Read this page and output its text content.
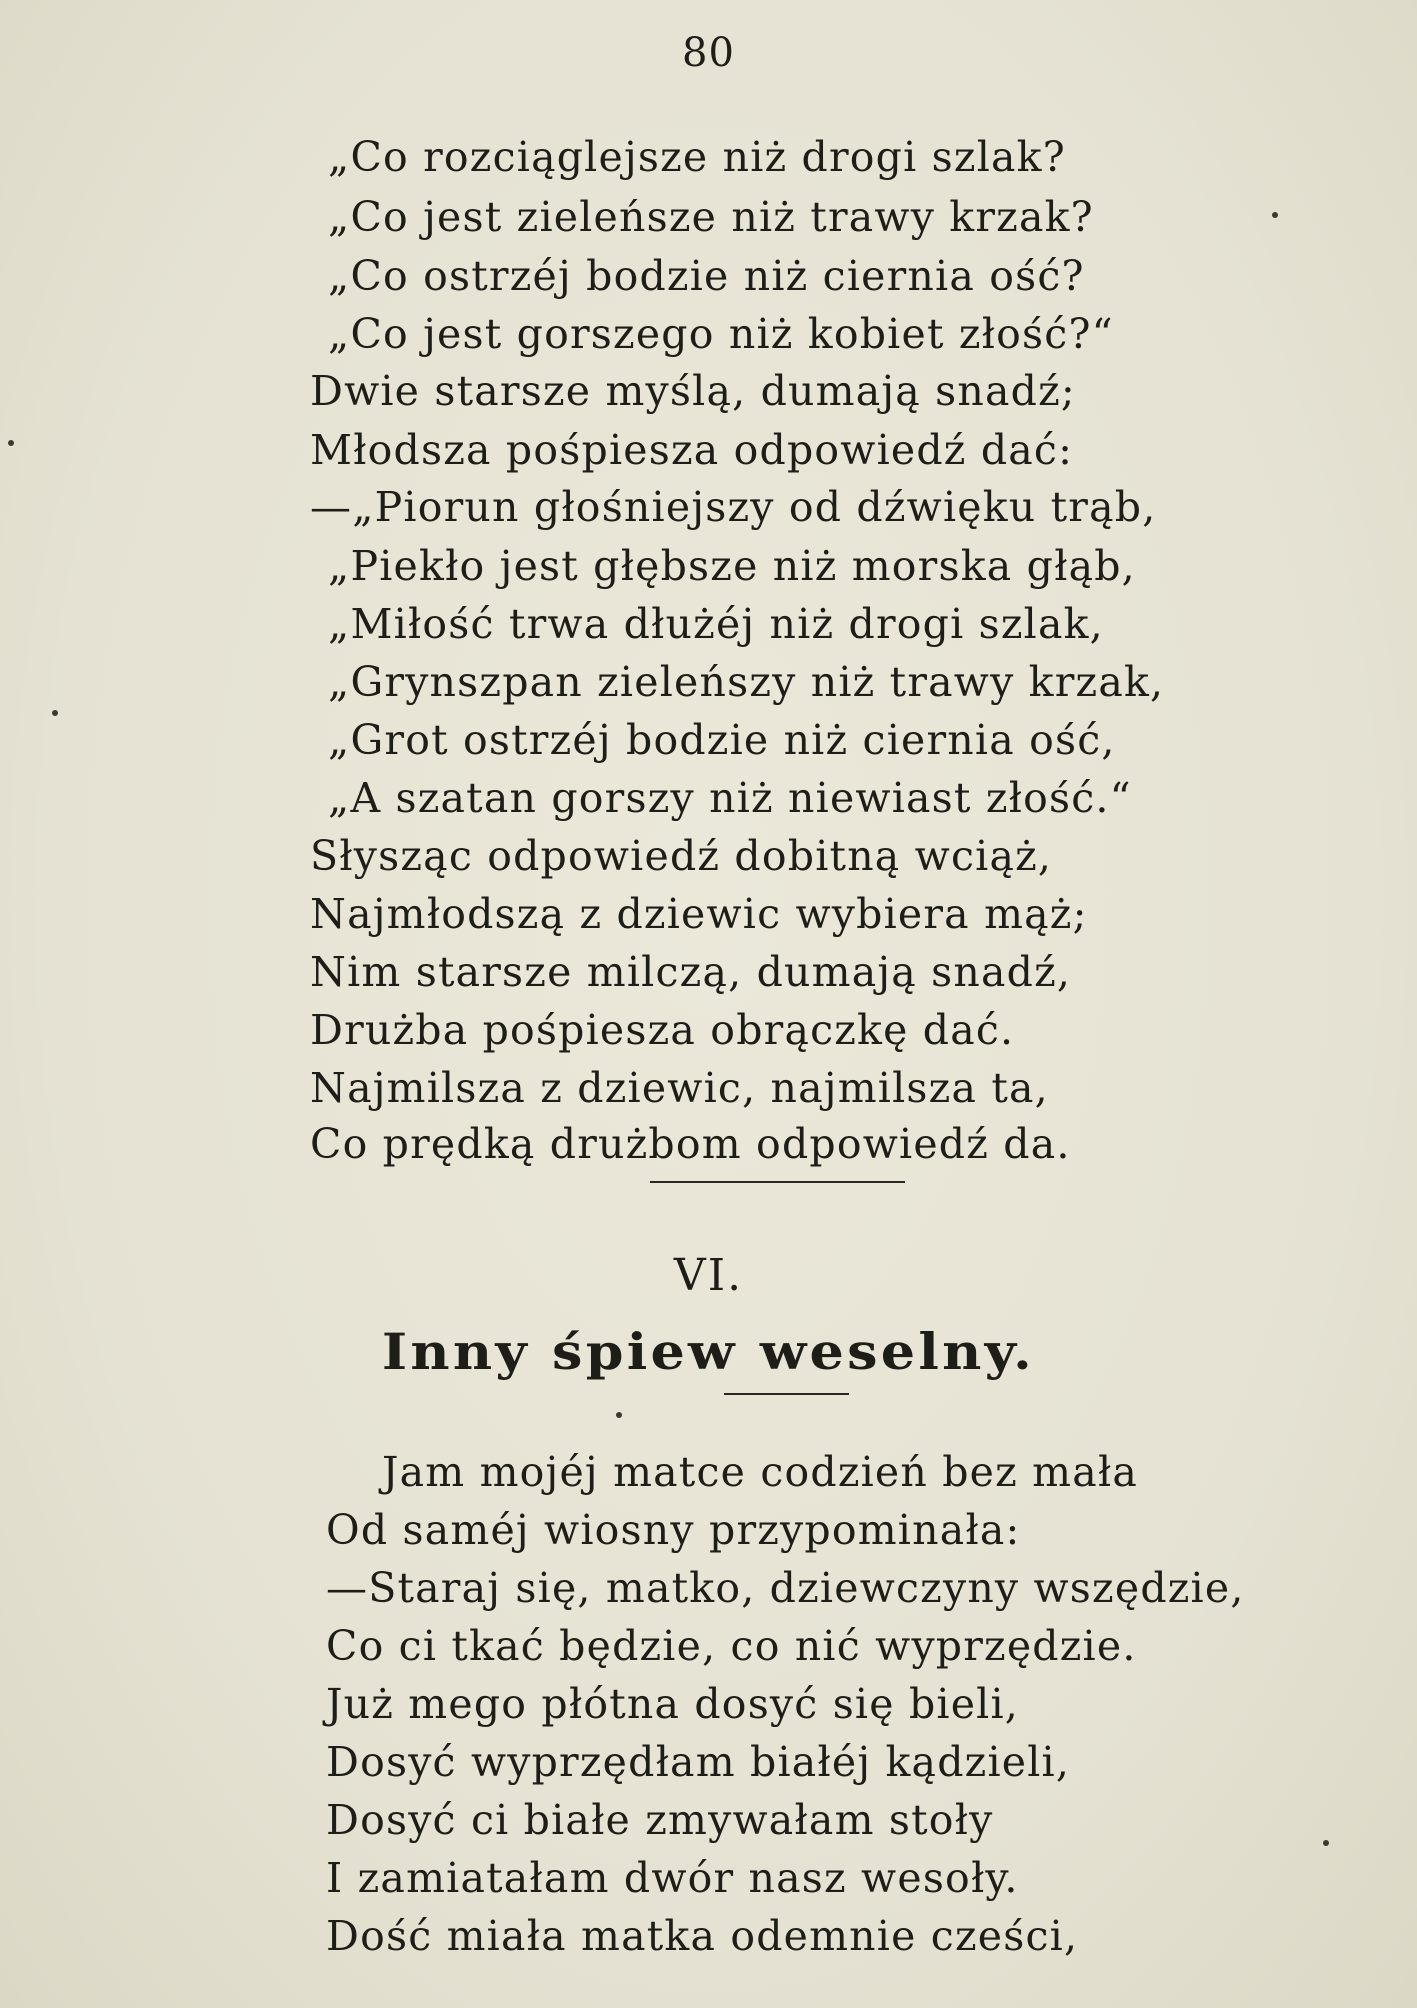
80
„Co rozciąglejsze niż drogi szlak?
„Co jest zieleńsze niż trawy krzak?
„Co ostrzéj bodzie niż ciernia ość?
„Co jest gorszego niż kobiet złość?“
Dwie starsze myślą, dumają snadź;
Młodsza pośpiesza odpowiedź dać:
—„Piorun głośniejszy od dźwięku trąb,
„Piekło jest głębsze niż morska głąb,
„Miłość trwa dłużéj niż drogi szlak,
„Grynszpan zieleńszy niż trawy krzak,
„Grot ostrzéj bodzie niż ciernia ość,
„A szatan gorszy niż niewiast złość.“
Słysząc odpowiedź dobitną wciąż,
Najmłodszą z dziewic wybiera mąż;
Nim starsze milczą, dumają snadź,
Drużba pośpiesza obrączkę dać.
Najmilsza z dziewic, najmilsza ta,
Co prędką drużbom odpowiedź da.
VI.
Inny śpiew weselny.
Jam mojéj matce codzień bez mała
Od saméj wiosny przypominała:
—Staraj się, matko, dziewczyny wszędzie,
Co ci tkać będzie, co nić wyprzędzie.
Już mego płótna dosyć się bieli,
Dosyć wyprzędłam białéj kądzieli,
Dosyć ci białe zmywałam stoły
I zamiatałam dwór nasz wesoły.
Dość miała matka odemnie cześci,
